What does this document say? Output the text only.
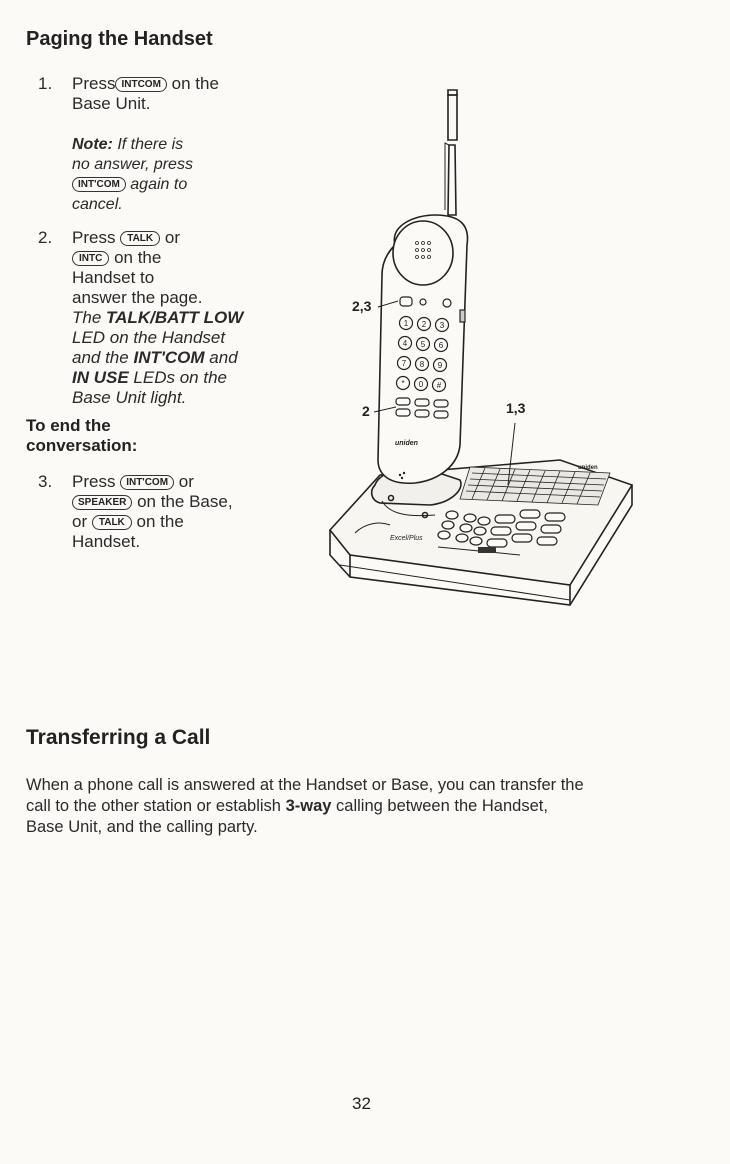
Paging the Handset
1. Press INTCOM on the
Base Unit.
Note: If there is
no answer, press
INT'COM again to
cancel.
2. Press TALK or
INTC on the
Handset to
answer the page.
The TALK/BATT LOW
LED on the Handset
and the INT'COM and
IN USE LEDs on the
Base Unit light.
To end the
conversation:
3. Press INT'COM or
SPEAKER on the Base,
or TALK on the
Handset.
uniden
Excel/Plus
1 2 3
4 5 6
7 8 9
* 0 #
uniden
2,3
2	1,3
Transferring a Call
When a phone call is answered at the Handset or Base, you can transfer the
call to the other station or establish 3-way calling between the Handset,
Base Unit, and the calling party.
32
